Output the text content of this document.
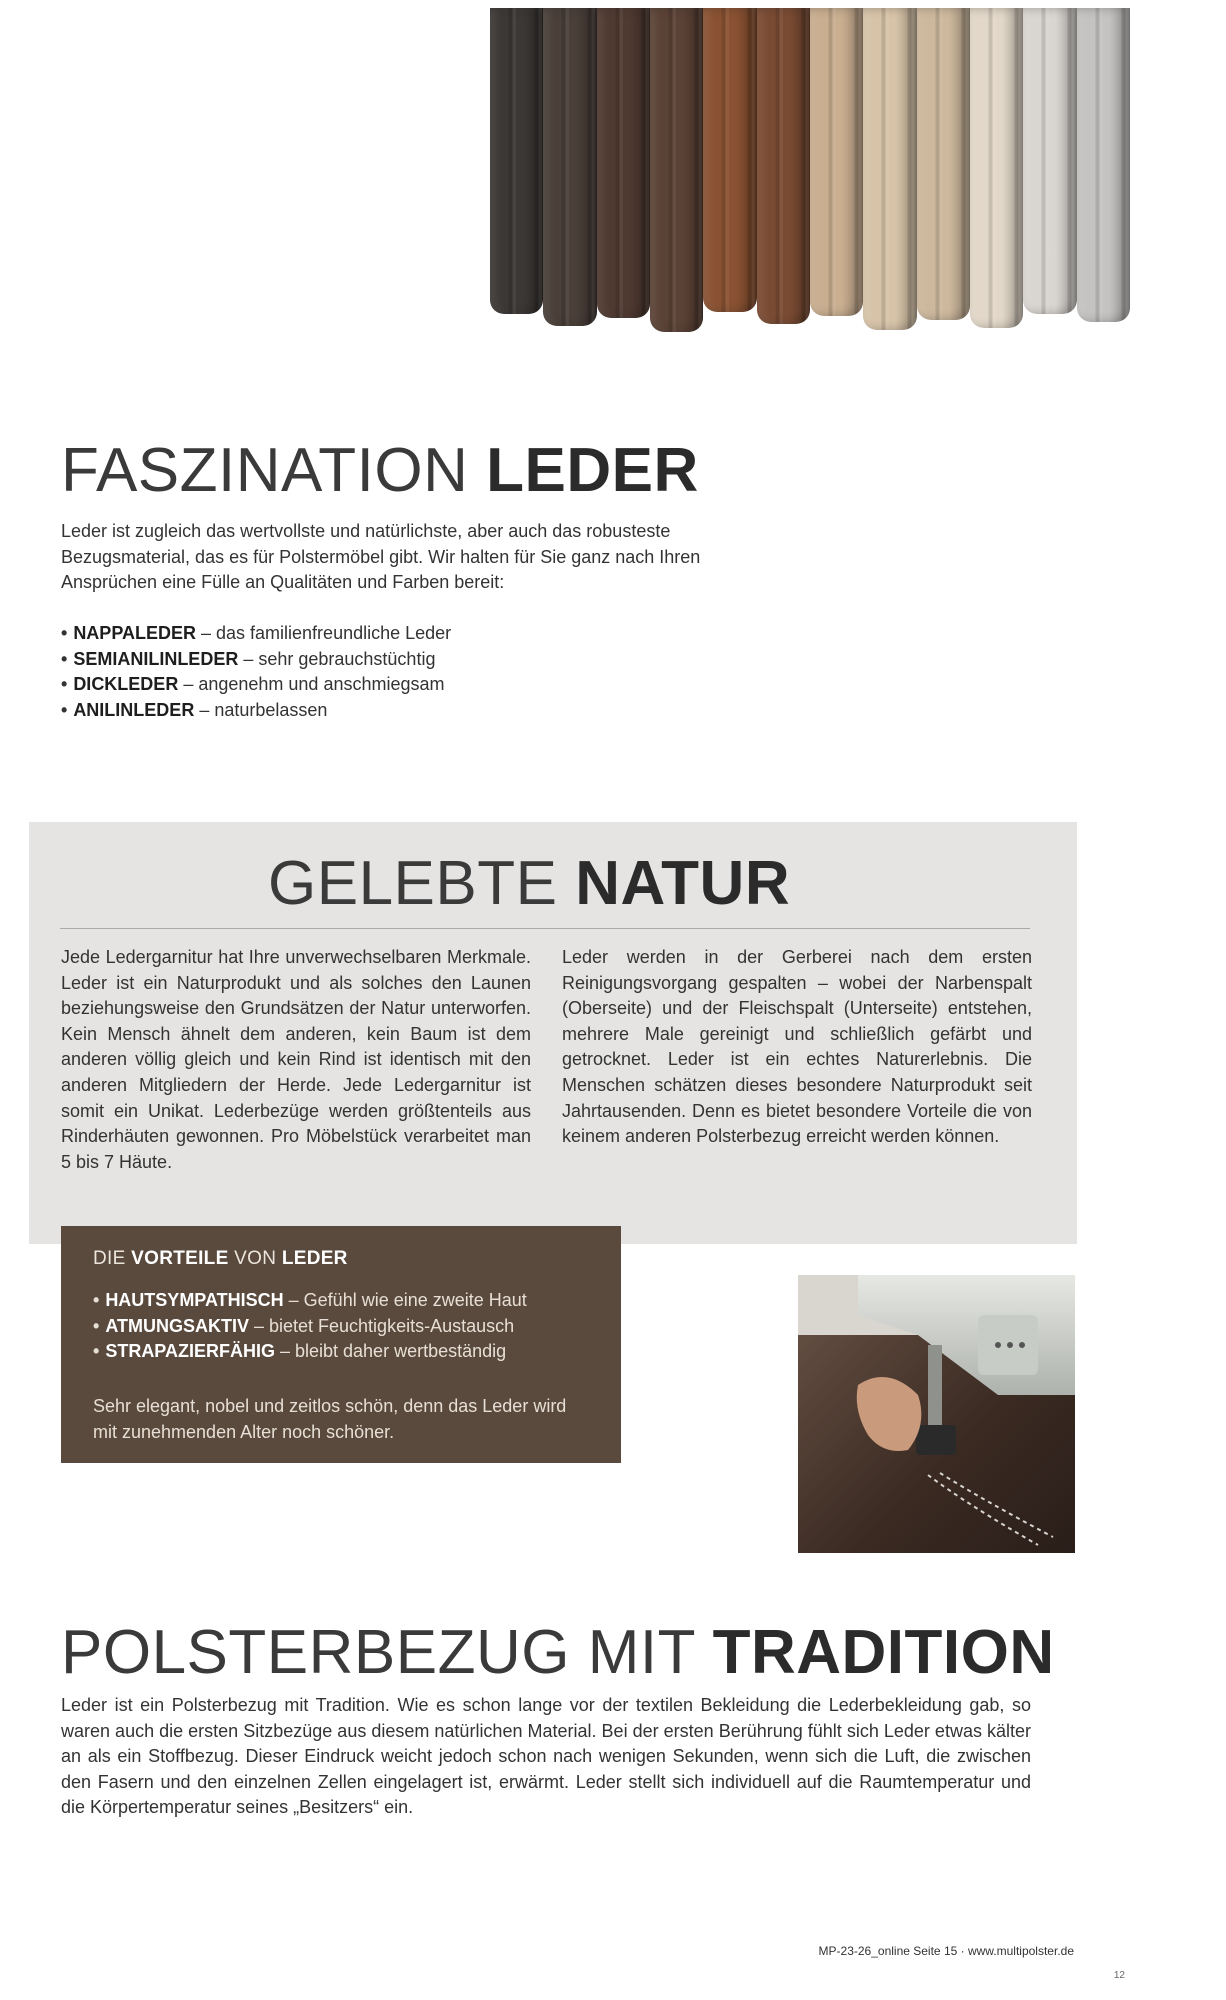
FASZINATION LEDER

Leder ist zugleich das wertvollste und natürlichste, aber auch das robusteste Bezugsmaterial, das es für Polstermöbel gibt. Wir halten für Sie ganz nach Ihren Ansprüchen eine Fülle an Qualitäten und Farben bereit:

• NAPPALEDER – das familienfreundliche Leder
• SEMIANILINLEDER – sehr gebrauchstüchtig
• DICKLEDER – angenehm und anschmiegsam
• ANILINLEDER – naturbelassen
GELEBTE NATUR

Jede Ledergarnitur hat Ihre unverwechselbaren Merkmale. Leder ist ein Naturprodukt und als solches den Launen beziehungsweise den Grundsätzen der Natur unterworfen. Kein Mensch ähnelt dem anderen, kein Baum ist dem anderen völlig gleich und kein Rind ist identisch mit den anderen Mitgliedern der Herde. Jede Ledergarnitur ist somit ein Unikat. Lederbezüge werden größtenteils aus Rinderhäuten gewonnen. Pro Möbelstück verarbeitet man 5 bis 7 Häute.

Leder werden in der Gerberei nach dem ersten Reinigungsvorgang gespalten – wobei der Narbenspalt (Oberseite) und der Fleischspalt (Unterseite) entstehen, mehrere Male gereinigt und schließlich gefärbt und getrocknet. Leder ist ein echtes Naturerlebnis. Die Menschen schätzen dieses besondere Naturprodukt seit Jahrtausenden. Denn es bietet besondere Vorteile die von keinem anderen Polsterbezug erreicht werden können.

DIE VORTEILE VON LEDER
• HAUTSYMPATHISCH – Gefühl wie eine zweite Haut
• ATMUNGSAKTIV – bietet Feuchtigkeits-Austausch
• STRAPAZIERFÄHIG – bleibt daher wertbeständig

Sehr elegant, nobel und zeitlos schön, denn das Leder wird mit zunehmenden Alter noch schöner.

POLSTERBEZUG MIT TRADITION

Leder ist ein Polsterbezug mit Tradition. Wie es schon lange vor der textilen Bekleidung die Lederbekleidung gab, so waren auch die ersten Sitzbezüge aus diesem natürlichen Material. Bei der ersten Berührung fühlt sich Leder etwas kälter an als ein Stoffbezug. Dieser Eindruck weicht jedoch schon nach wenigen Sekunden, wenn sich die Luft, die zwischen den Fasern und den einzelnen Zellen eingelagert ist, erwärmt. Leder stellt sich individuell auf die Raumtemperatur und die Körpertemperatur seines „Besitzers“ ein.

MP-23-26_online Seite 15 · www.multipolster.de
12
